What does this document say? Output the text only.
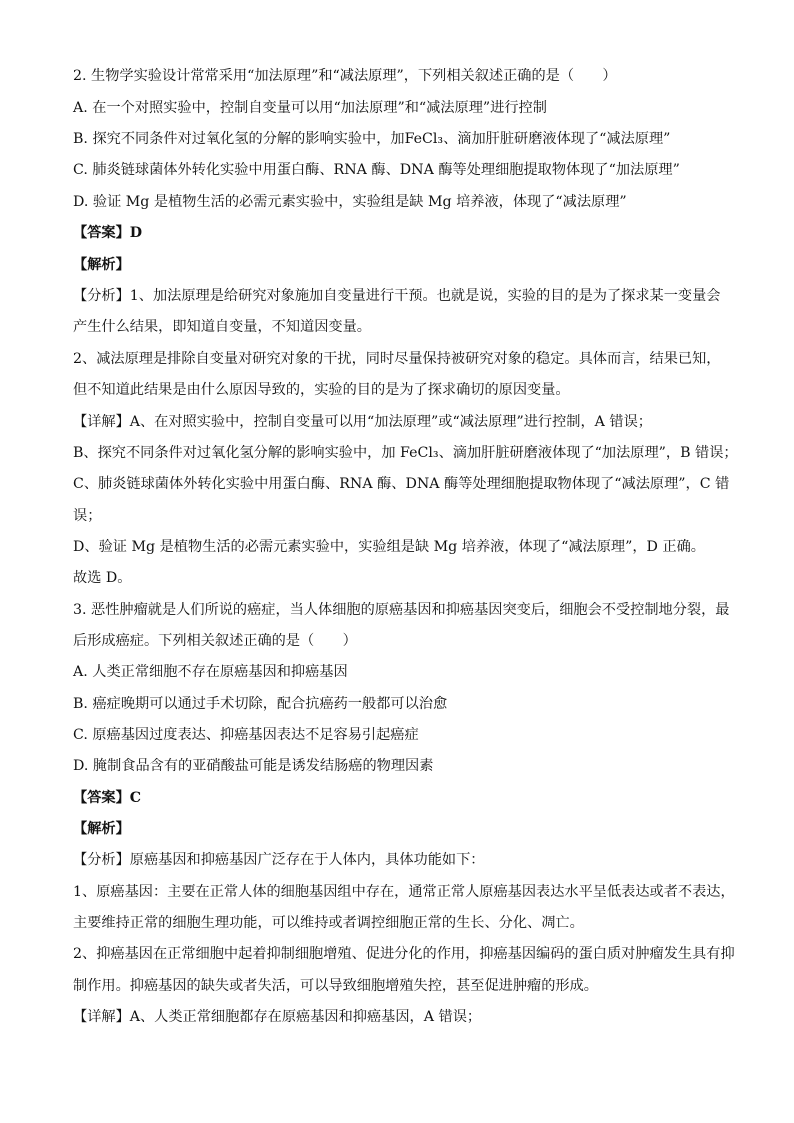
2. 生物学实验设计常常采用“加法原理”和“减法原理”，下列相关叙述正确的是（　　）
A. 在一个对照实验中，控制自变量可以用“加法原理”和“减法原理”进行控制
B. 探究不同条件对过氧化氢的分解的影响实验中，加FeCl₃、滴加肝脏研磨液体现了“减法原理”
C. 肺炎链球菌体外转化实验中用蛋白酶、RNA 酶、DNA 酶等处理细胞提取物体现了“加法原理”
D. 验证 Mg 是植物生活的必需元素实验中，实验组是缺 Mg 培养液，体现了“减法原理”
【答案】D
【解析】
【分析】1、加法原理是给研究对象施加自变量进行干预。也就是说，实验的目的是为了探求某一变量会
产生什么结果，即知道自变量，不知道因变量。
2、减法原理是排除自变量对研究对象的干扰，同时尽量保持被研究对象的稳定。具体而言，结果已知，
但不知道此结果是由什么原因导致的，实验的目的是为了探求确切的原因变量。
【详解】A、在对照实验中，控制自变量可以用“加法原理”或“减法原理”进行控制，A 错误；
B、探究不同条件对过氧化氢分解的影响实验中，加 FeCl₃、滴加肝脏研磨液体现了“加法原理”，B 错误；
C、肺炎链球菌体外转化实验中用蛋白酶、RNA 酶、DNA 酶等处理细胞提取物体现了“减法原理”，C 错
误；
D、验证 Mg 是植物生活的必需元素实验中，实验组是缺 Mg 培养液，体现了“减法原理”，D 正确。
故选 D。
3. 恶性肿瘤就是人们所说的癌症，当人体细胞的原癌基因和抑癌基因突变后，细胞会不受控制地分裂，最
后形成癌症。下列相关叙述正确的是（　　）
A. 人类正常细胞不存在原癌基因和抑癌基因
B. 癌症晚期可以通过手术切除，配合抗癌药一般都可以治愈
C. 原癌基因过度表达、抑癌基因表达不足容易引起癌症
D. 腌制食品含有的亚硝酸盐可能是诱发结肠癌的物理因素
【答案】C
【解析】
【分析】原癌基因和抑癌基因广泛存在于人体内，具体功能如下：
1、原癌基因：主要在正常人体的细胞基因组中存在，通常正常人原癌基因表达水平呈低表达或者不表达，
主要维持正常的细胞生理功能，可以维持或者调控细胞正常的生长、分化、凋亡。
2、抑癌基因在正常细胞中起着抑制细胞增殖、促进分化的作用，抑癌基因编码的蛋白质对肿瘤发生具有抑
制作用。抑癌基因的缺失或者失活，可以导致细胞增殖失控，甚至促进肿瘤的形成。
【详解】A、人类正常细胞都存在原癌基因和抑癌基因，A 错误；
